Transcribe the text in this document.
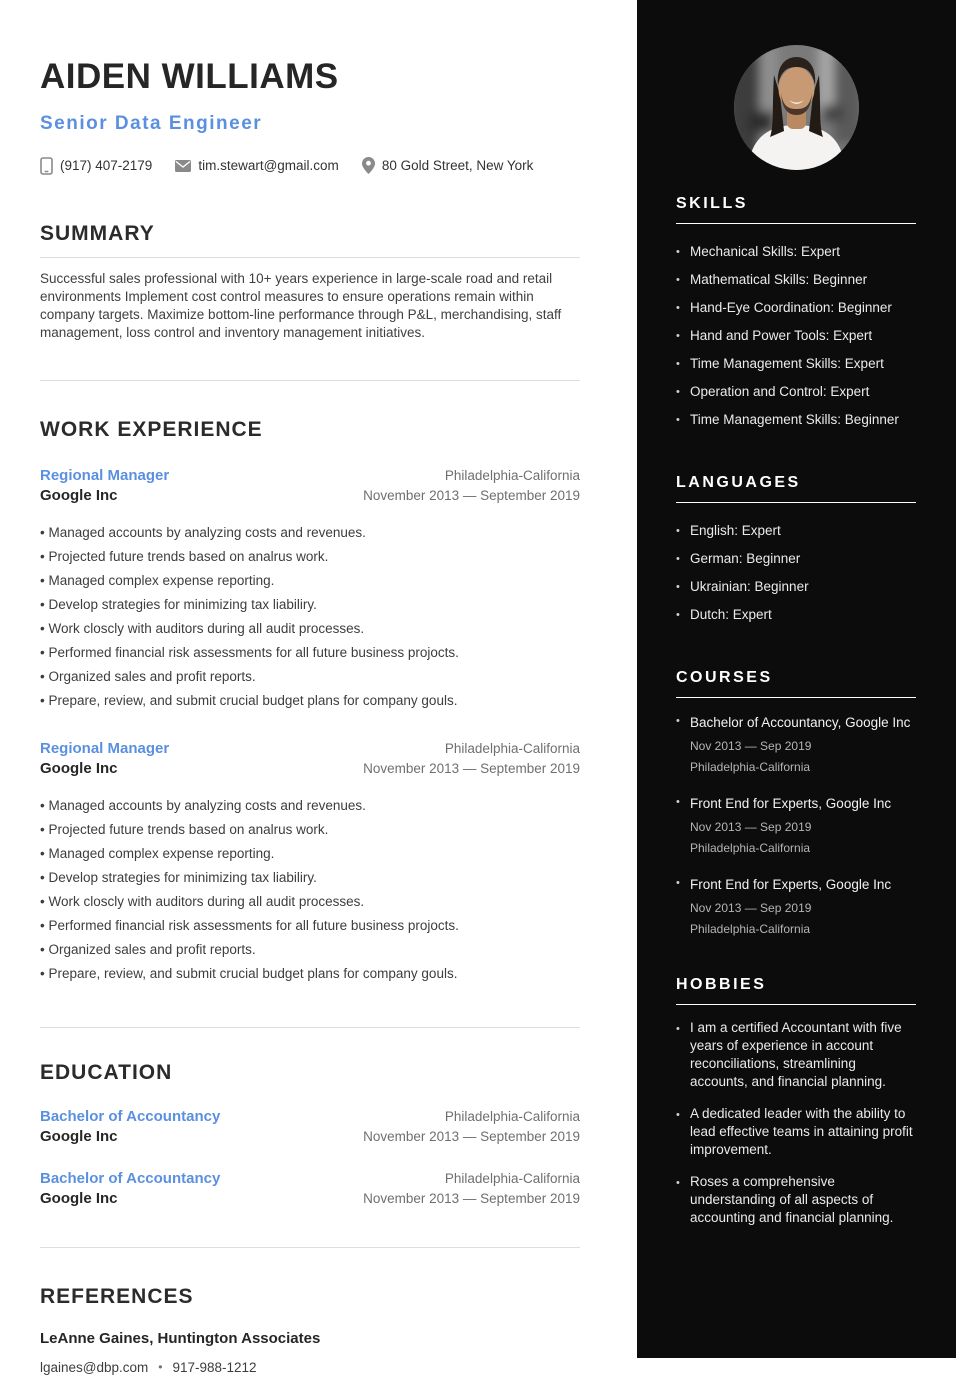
AIDEN WILLIAMS
Senior Data Engineer
(917) 407-2179	tim.stewart@gmail.com	80 Gold Street, New York
SUMMARY

Successful sales professional with 10+ years experience in large-scale road and retail environments Implement cost control measures to ensure operations remain within company targets. Maximize bottom-line performance through P&L, merchandising, staff management, loss control and inventory management initiatives.

WORK EXPERIENCE
Regional Manager
Google Inc
Philadelphia-California
November 2013 — September 2019
• Managed accounts by analyzing costs and revenues.
• Projected future trends based on analrus work.
• Managed complex expense reporting.
• Develop strategies for minimizing tax liabiliry.
• Work closcly with auditors during all audit processes.
• Performed financial risk assessments for all future business projocts.
• Organized sales and profit reports.
• Prepare, review, and submit crucial budget plans for company gouls.
Regional Manager
Google Inc
Philadelphia-California
November 2013 — September 2019
• Managed accounts by analyzing costs and revenues.
• Projected future trends based on analrus work.
• Managed complex expense reporting.
• Develop strategies for minimizing tax liabiliry.
• Work closcly with auditors during all audit processes.
• Performed financial risk assessments for all future business projocts.
• Organized sales and profit reports.
• Prepare, review, and submit crucial budget plans for company gouls.
EDUCATION
Bachelor of Accountancy
Google Inc
Philadelphia-California
November 2013 — September 2019
Bachelor of Accountancy
Google Inc
Philadelphia-California
November 2013 — September 2019
REFERENCES
LeAnne Gaines, Huntington Associates
lgaines@dbp.com • 917-988-1212
SKILLS
• Mechanical Skills: Expert
• Mathematical Skills: Beginner
• Hand-Eye Coordination: Beginner
• Hand and Power Tools: Expert
• Time Management Skills: Expert
• Operation and Control: Expert
• Time Management Skills: Beginner
LANGUAGES
• English: Expert
• German: Beginner
• Ukrainian: Beginner
• Dutch: Expert
COURSES
• Bachelor of Accountancy, Google Inc
Nov 2013 — Sep 2019
Philadelphia-California
• Front End for Experts, Google Inc
Nov 2013 — Sep 2019
Philadelphia-California
• Front End for Experts, Google Inc
Nov 2013 — Sep 2019
Philadelphia-California
HOBBIES
• I am a certified Accountant with five years of experience in account reconciliations, streamlining accounts, and financial planning.
• A dedicated leader with the ability to lead effective teams in attaining profit improvement.
• Roses a comprehensive understanding of all aspects of accounting and financial planning.
